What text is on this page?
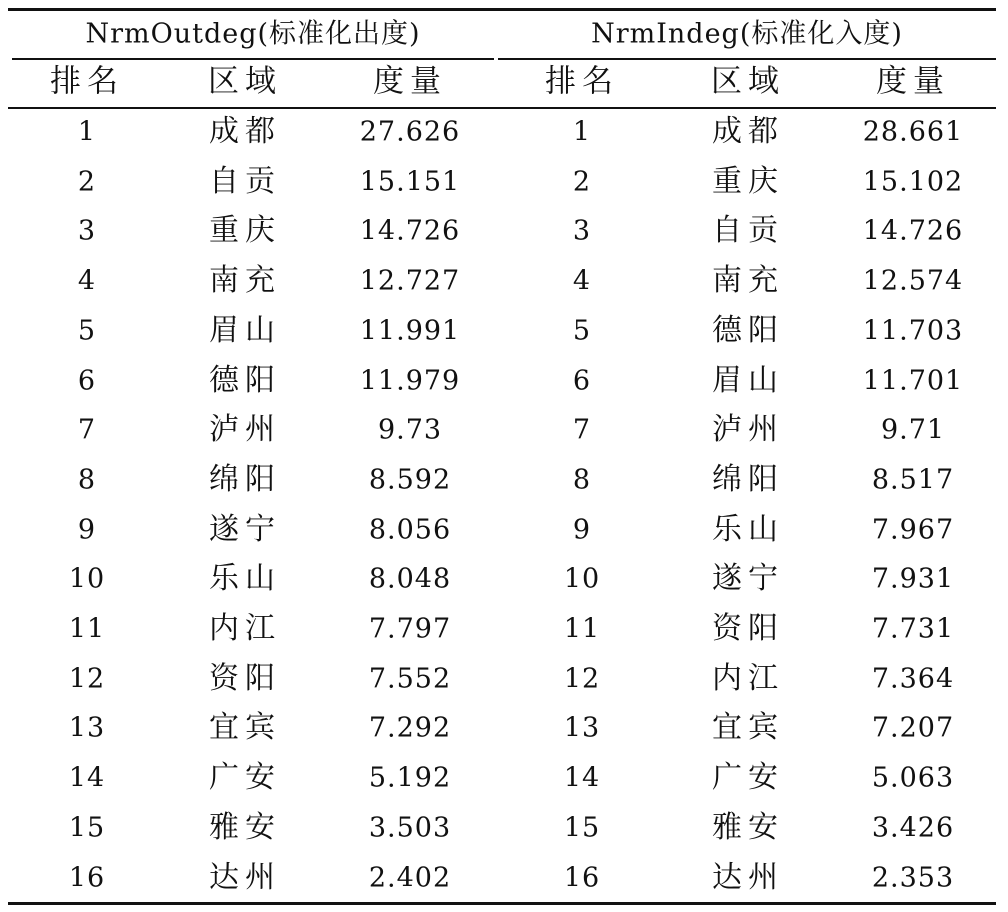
NrmOutdeg(标准化出度)
排名	区域	度量
1	成都	27.626
2	自贡	15.151
3	重庆	14.726
4	南充	12.727
5	眉山	11.991
6	德阳	11.979
7	泸州	9.73
8	绵阳	8.592
9	遂宁	8.056
10	乐山	8.048
11	内江	7.797
12	资阳	7.552
13	宜宾	7.292
14	广安	5.192
15	雅安	3.503
16	达州	2.402
NrmIndeg(标准化入度)
排名	区域	度量
1	成都	28.661
2	重庆	15.102
3	自贡	14.726
4	南充	12.574
5	德阳	11.703
6	眉山	11.701
7	泸州	9.71
8	绵阳	8.517
9	乐山	7.967
10	遂宁	7.931
11	资阳	7.731
12	内江	7.364
13	宜宾	7.207
14	广安	5.063
15	雅安	3.426
16	达州	2.353
